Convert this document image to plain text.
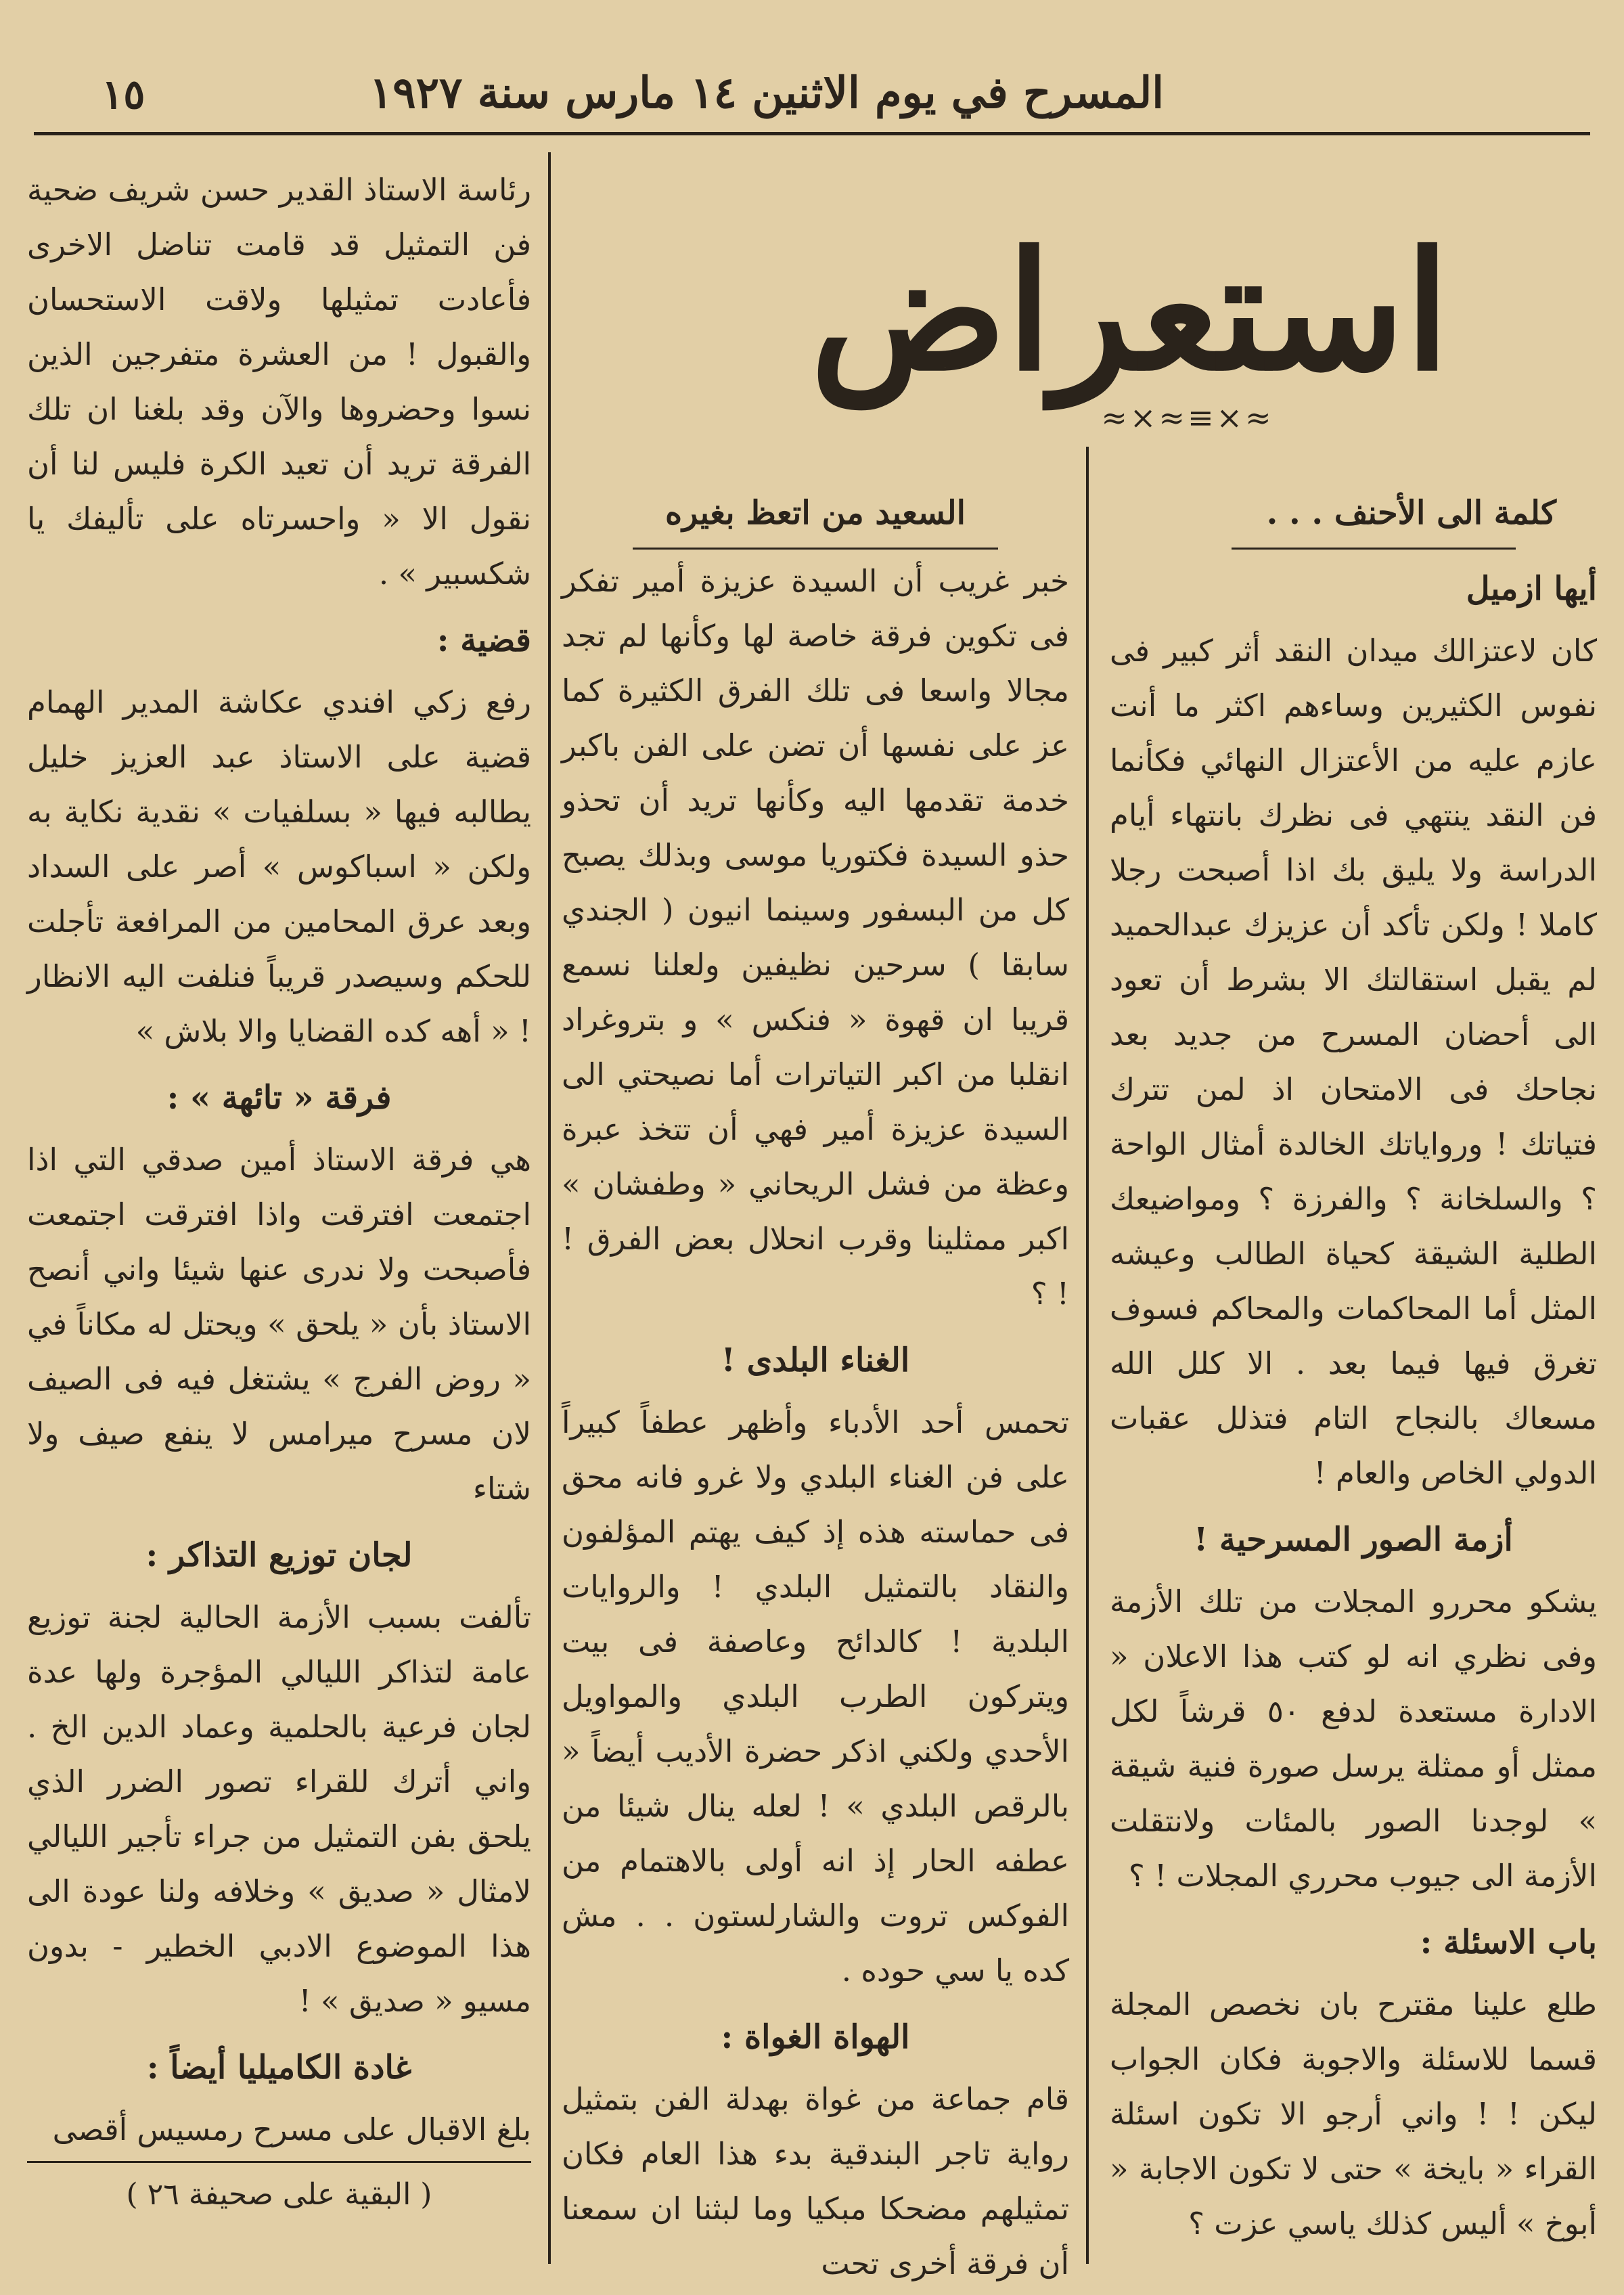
١٥	المسرح في يوم الاثنين ١٤ مارس سنة ١٩٢٧
استعراض
≈⨯≈≡⨯≈
كلمة الى الأحنف . . .
أيها ازميل

كان لاعتزالك ميدان النقد أثر كبير فى نفوس الكثيرين وساءهم اكثر ما أنت عازم عليه من الأعتزال النهائي فكأنما فن النقد ينتهي فى نظرك بانتهاء أيام الدراسة ولا يليق بك اذا أصبحت رجلا كاملا ! ولكن تأكد أن عزيزك عبدالحميد لم يقبل استقالتك الا بشرط أن تعود الى أحضان المسرح من جديد بعد نجاحك فى الامتحان اذ لمن تترك فتياتك ! ورواياتك الخالدة أمثال الواحة ؟ والسلخانة ؟ والفرزة ؟ ومواضيعك الطلية الشيقة كحياة الطالب وعيشه المثل أما المحاكمات والمحاكم فسوف تغرق فيها فيما بعد . الا كلل الله مسعاك بالنجاح التام فتذلل عقبات الدولي الخاص والعام !

أزمة الصور المسرحية !

يشكو محررو المجلات من تلك الأزمة وفى نظري انه لو كتب هذا الاعلان « الادارة مستعدة لدفع ٥٠ قرشاً لكل ممثل أو ممثلة يرسل صورة فنية شيقة » لوجدنا الصور بالمئات ولانتقلت الأزمة الى جيوب محرري المجلات ! ؟

باب الاسئلة :

طلع علينا مقترح بان نخصص المجلة قسما للاسئلة والاجوبة فكان الجواب ليكن ! ! واني أرجو الا تكون اسئلة القراء « بايخة » حتى لا تكون الاجابة « أبوخ » أليس كذلك ياسي عزت ؟

السعيد من اتعظ بغيره

خبر غريب أن السيدة عزيزة أمير تفكر فى تكوين فرقة خاصة لها وكأنها لم تجد مجالا واسعا فى تلك الفرق الكثيرة كما عز على نفسها أن تضن على الفن باكبر خدمة تقدمها اليه وكأنها تريد أن تحذو حذو السيدة فكتوريا موسى وبذلك يصبح كل من البسفور وسينما انيون ( الجندي سابقا ) سرحين نظيفين ولعلنا نسمع قريبا ان قهوة « فنكس » و بتروغراد انقلبا من اكبر التياترات أما نصيحتي الى السيدة عزيزة أمير فهي أن تتخذ عبرة وعظة من فشل الريحاني « وطفشان » اكبر ممثلينا وقرب انحلال بعض الفرق ! ! ؟

الغناء البلدى !

تحمس أحد الأدباء وأظهر عطفاً كبيراً على فن الغناء البلدي ولا غرو فانه محق فى حماسته هذه إذ كيف يهتم المؤلفون والنقاد بالتمثيل البلدي ! والروايات البلدية ! كالدائح وعاصفة فى بيت ويتركون الطرب البلدي والمواويل الأحدي ولكني اذكر حضرة الأديب أيضاً « بالرقص البلدي » ! لعله ينال شيئا من عطفه الحار إذ انه أولى بالاهتمام من الفوكس تروت والشارلستون . . مش كده يا سي حوده .

الهواة الغواة :

قام جماعة من غواة بهدلة الفن بتمثيل رواية تاجر البندقية بدء هذا العام فكان تمثيلهم مضحكا مبكيا وما لبثنا ان سمعنا أن فرقة أخرى تحت

رئاسة الاستاذ القدير حسن شريف ضحية فن التمثيل قد قامت تناضل الاخرى فأعادت تمثيلها ولاقت الاستحسان والقبول ! من العشرة متفرجين الذين نسوا وحضروها والآن وقد بلغنا ان تلك الفرقة تريد أن تعيد الكرة فليس لنا أن نقول الا « واحسرتاه على تأليفك يا شكسبير » .

قضية :

رفع زكي افندي عكاشة المدير الهمام قضية على الاستاذ عبد العزيز خليل يطالبه فيها « بسلفيات » نقدية نكاية به ولكن « اسباكوس » أصر على السداد وبعد عرق المحامين من المرافعة تأجلت للحكم وسيصدر قريباً فنلفت اليه الانظار ! « أهه كده القضايا والا بلاش »

فرقة « تائهة » :

هي فرقة الاستاذ أمين صدقي التي اذا اجتمعت افترقت واذا افترقت اجتمعت فأصبحت ولا ندرى عنها شيئا واني أنصح الاستاذ بأن « يلحق » ويحتل له مكاناً في « روض الفرج » يشتغل فيه فى الصيف لان مسرح ميرامس لا ينفع صيف ولا شتاء

لجان توزيع التذاكر :

تألفت بسبب الأزمة الحالية لجنة توزيع عامة لتذاكر الليالي المؤجرة ولها عدة لجان فرعية بالحلمية وعماد الدين الخ . واني أترك للقراء تصور الضرر الذي يلحق بفن التمثيل من جراء تأجير الليالي لامثال « صديق » وخلافه ولنا عودة الى هذا الموضوع الادبي الخطير - بدون مسيو « صديق » !

غادة الكاميليا أيضاً :

بلغ الاقبال على مسرح رمسيس أقصى

( البقية على صحيفة ٢٦ )
